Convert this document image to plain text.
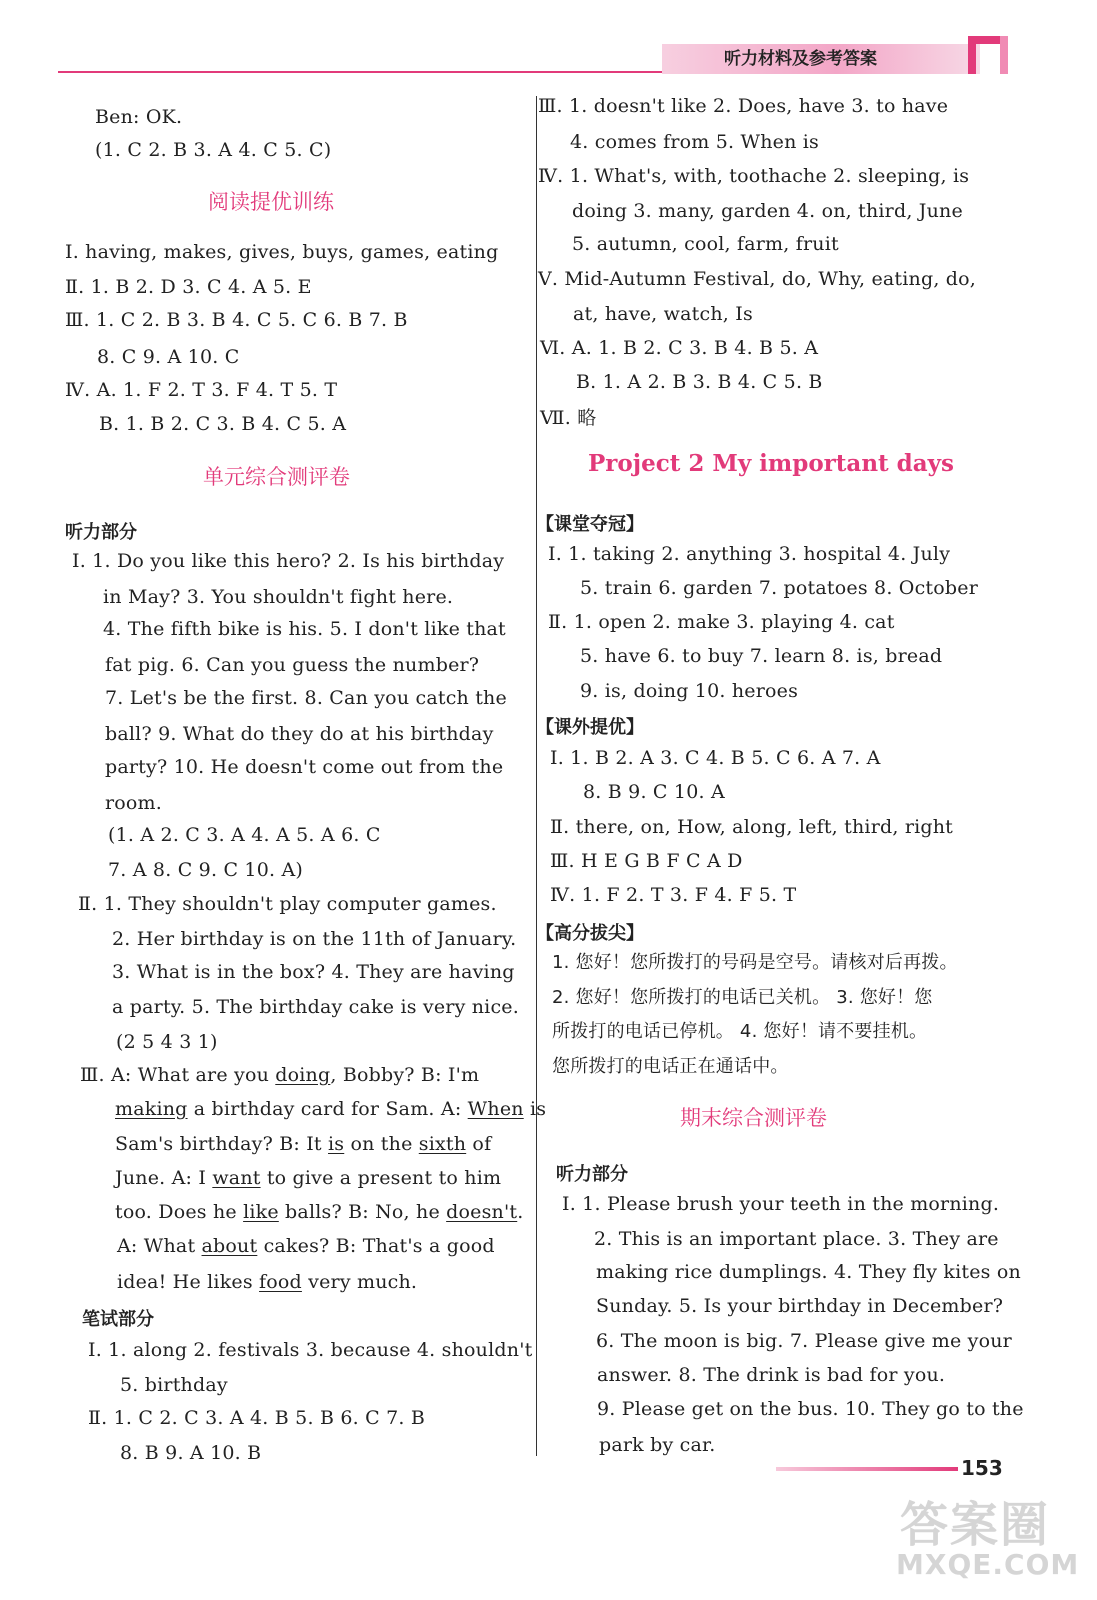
听力材料及参考答案
Ben: OK.
(1. C 2. B 3. A 4. C 5. C)
阅读提优训练
Ⅰ. having, makes, gives, buys, games, eating
Ⅱ. 1. B 2. D 3. C 4. A 5. E
Ⅲ. 1. C 2. B 3. B 4. C 5. C 6. B 7. B
8. C 9. A 10. C
Ⅳ. A. 1. F 2. T 3. F 4. T 5. T
B. 1. B 2. C 3. B 4. C 5. A
单元综合测评卷
听力部分
Ⅰ. 1. Do you like this hero? 2. Is his birthday
in May? 3. You shouldn't fight here.
4. The fifth bike is his. 5. I don't like that
fat pig. 6. Can you guess the number?
7. Let's be the first. 8. Can you catch the
ball? 9. What do they do at his birthday
party? 10. He doesn't come out from the
room.
(1. A 2. C 3. A 4. A 5. A 6. C
7. A 8. C 9. C 10. A)
Ⅱ. 1. They shouldn't play computer games.
2. Her birthday is on the 11th of January.
3. What is in the box? 4. They are having
a party. 5. The birthday cake is very nice.
(2 5 4 3 1)
Ⅲ. A: What are you doing, Bobby? B: I'm
making a birthday card for Sam. A: When is
Sam's birthday? B: It is on the sixth of
June. A: I want to give a present to him
too. Does he like balls? B: No, he doesn't.
A: What about cakes? B: That's a good
idea! He likes food very much.
笔试部分
Ⅰ. 1. along 2. festivals 3. because 4. shouldn't
5. birthday
Ⅱ. 1. C 2. C 3. A 4. B 5. B 6. C 7. B
8. B 9. A 10. B
Ⅲ. 1. doesn't like 2. Does, have 3. to have
4. comes from 5. When is
Ⅳ. 1. What's, with, toothache 2. sleeping, is
doing 3. many, garden 4. on, third, June
5. autumn, cool, farm, fruit
Ⅴ. Mid-Autumn Festival, do, Why, eating, do,
at, have, watch, Is
Ⅵ. A. 1. B 2. C 3. B 4. B 5. A
B. 1. A 2. B 3. B 4. C 5. B
Ⅶ. 略
Project 2 My important days
【课堂夺冠】
Ⅰ. 1. taking 2. anything 3. hospital 4. July
5. train 6. garden 7. potatoes 8. October
Ⅱ. 1. open 2. make 3. playing 4. cat
5. have 6. to buy 7. learn 8. is, bread
9. is, doing 10. heroes
【课外提优】
Ⅰ. 1. B 2. A 3. C 4. B 5. C 6. A 7. A
8. B 9. C 10. A
Ⅱ. there, on, How, along, left, third, right
Ⅲ. H E G B F C A D
Ⅳ. 1. F 2. T 3. F 4. F 5. T
【高分拔尖】
1. 您好！您所拨打的号码是空号。请核对后再拨。
2. 您好！您所拨打的电话已关机。 3. 您好！您
所拨打的电话已停机。 4. 您好！请不要挂机。
您所拨打的电话正在通话中。
期末综合测评卷
听力部分
Ⅰ. 1. Please brush your teeth in the morning.
2. This is an important place. 3. They are
making rice dumplings. 4. They fly kites on
Sunday. 5. Is your birthday in December?
6. The moon is big. 7. Please give me your
answer. 8. The drink is bad for you.
9. Please get on the bus. 10. They go to the
park by car.
153
答案圈
MXQE.COM
